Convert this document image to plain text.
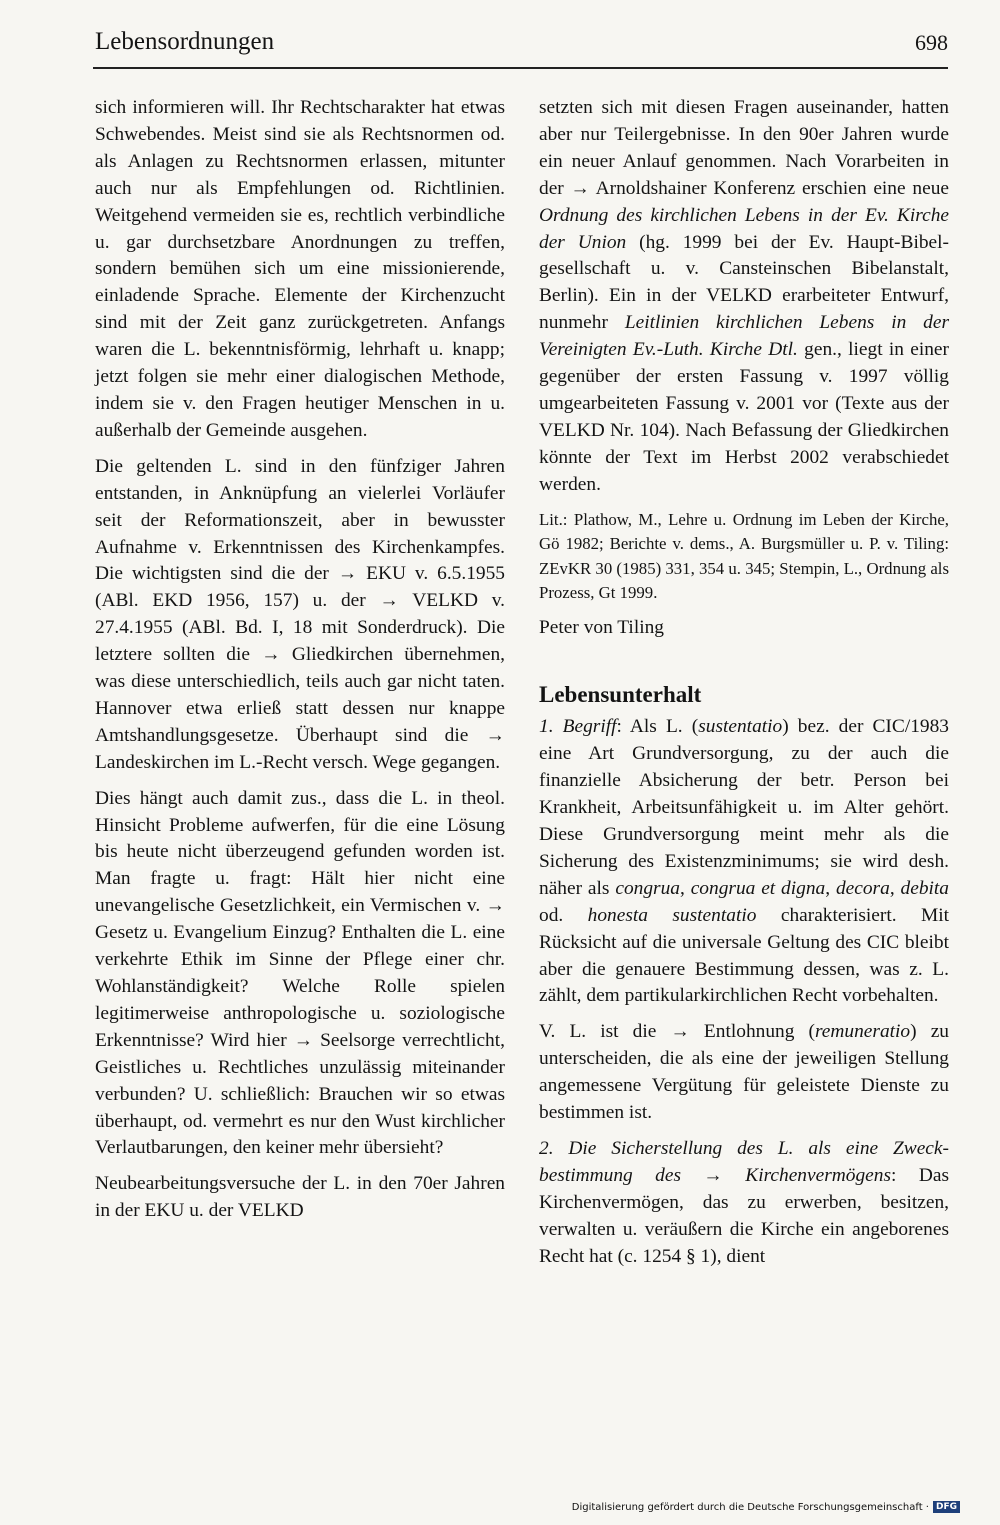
Lebensordnungen	698

sich informieren will. Ihr Rechtscharakter hat etwas Schwebendes. Meist sind sie als Rechtsnormen od. als Anlagen zu Rechtsnormen erlassen, mitunter auch nur als Empfehlungen od. Richtlinien. Weitgehend vermeiden sie es, rechtlich verbindliche u. gar durchsetzbare Anordnungen zu treffen, sondern bemühen sich um eine missionierende, einladende Sprache. Elemente der Kirchenzucht sind mit der Zeit ganz zurückgetreten. Anfangs waren die L. bekenntnisförmig, lehrhaft u. knapp; jetzt folgen sie mehr einer dialogischen Methode, indem sie v. den Fragen heutiger Menschen in u. außerhalb der Gemeinde ausgehen.

Die geltenden L. sind in den fünfziger Jahren entstanden, in Anknüpfung an vielerlei Vorläufer seit der Reformationszeit, aber in bewusster Aufnahme v. Erkenntnissen des Kirchenkampfes. Die wichtigsten sind die der → EKU v. 6.5.1955 (ABl. EKD 1956, 157) u. der → VELKD v. 27.4.1955 (ABl. Bd. I, 18 mit Sonderdruck). Die letztere sollten die → Gliedkirchen übernehmen, was diese unterschiedlich, teils auch gar nicht taten. Hannover etwa erließ statt dessen nur knappe Amtshandlungsgesetze. Überhaupt sind die → Landeskirchen im L.-Recht versch. Wege gegangen.

Dies hängt auch damit zus., dass die L. in theol. Hinsicht Probleme aufwerfen, für die eine Lösung bis heute nicht überzeugend gefunden worden ist. Man fragte u. fragt: Hält hier nicht eine unevangelische Gesetzlichkeit, ein Vermischen v. → Gesetz u. Evangelium Einzug? Enthalten die L. eine verkehrte Ethik im Sinne der Pflege einer chr. Wohlanständigkeit? Welche Rolle spielen legitimerweise anthropologische u. soziologische Erkenntnisse? Wird hier → Seelsorge verrechtlicht, Geistliches u. Rechtliches unzulässig miteinander verbunden? U. schließlich: Brauchen wir so etwas überhaupt, od. vermehrt es nur den Wust kirchlicher Verlautbarungen, den keiner mehr übersieht?

Neubearbeitungsversuche der L. in den 70er Jahren in der EKU u. der VELKD

setzten sich mit diesen Fragen auseinander, hatten aber nur Teilergebnisse. In den 90er Jahren wurde ein neuer Anlauf genommen. Nach Vorarbeiten in der → Arnoldshainer Konferenz erschien eine neue Ordnung des kirchlichen Lebens in der Ev. Kirche der Union (hg. 1999 bei der Ev. Haupt-Bibelgesellschaft u. v. Cansteinschen Bibelanstalt, Berlin). Ein in der VELKD erarbeiteter Entwurf, nunmehr Leitlinien kirchlichen Lebens in der Vereinigten Ev.-Luth. Kirche Dtl. gen., liegt in einer gegenüber der ersten Fassung v. 1997 völlig umgearbeiteten Fassung v. 2001 vor (Texte aus der VELKD Nr. 104). Nach Befassung der Gliedkirchen könnte der Text im Herbst 2002 verabschiedet werden.

Lit.: Plathow, M., Lehre u. Ordnung im Leben der Kirche, Gö 1982; Berichte v. dems., A. Burgsmüller u. P. v. Tiling: ZEvKR 30 (1985) 331, 354 u. 345; Stempin, L., Ordnung als Prozess, Gt 1999.

Peter von Tiling

Lebensunterhalt

1. Begriff: Als L. (sustentatio) bez. der CIC/1983 eine Art Grundversorgung, zu der auch die finanzielle Absicherung der betr. Person bei Krankheit, Arbeitsunfähigkeit u. im Alter gehört. Diese Grundversorgung meint mehr als die Sicherung des Existenzminimums; sie wird desh. näher als congrua, congrua et digna, decora, debita od. honesta sustentatio charakterisiert. Mit Rücksicht auf die universale Geltung des CIC bleibt aber die genauere Bestimmung dessen, was z. L. zählt, dem partikularkirchlichen Recht vorbehalten.

V. L. ist die → Entlohnung (remuneratio) zu unterscheiden, die als eine der jeweiligen Stellung angemessene Vergütung für geleistete Dienste zu bestimmen ist.

2. Die Sicherstellung des L. als eine Zweckbestimmung des → Kirchenvermögens: Das Kirchenvermögen, das zu erwerben, besitzen, verwalten u. veräußern die Kirche ein angeborenes Recht hat (c. 1254 § 1), dient

Digitalisierung gefördert durch die Deutsche Forschungsgemeinschaft · DFG
